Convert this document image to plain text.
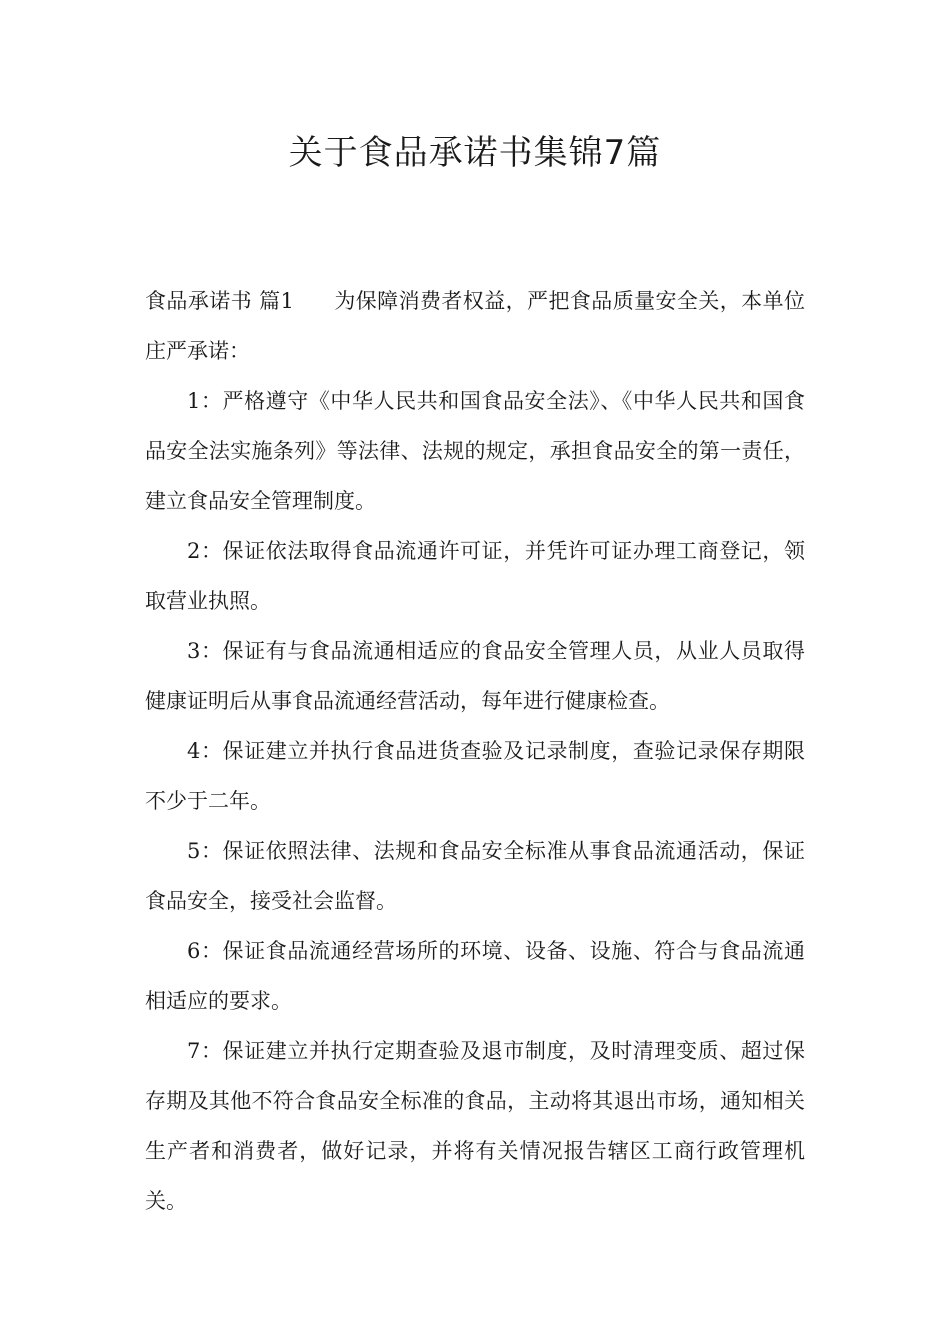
关于食品承诺书集锦7篇

食品承诺书 篇1 为保障消费者权益，严把食品质量安全关，本单位庄严承诺：

1：严格遵守《中华人民共和国食品安全法》、《中华人民共和国食品安全法实施条列》等法律、法规的规定，承担食品安全的第一责任，建立食品安全管理制度。

2：保证依法取得食品流通许可证，并凭许可证办理工商登记，领取营业执照。

3：保证有与食品流通相适应的食品安全管理人员，从业人员取得健康证明后从事食品流通经营活动，每年进行健康检查。

4：保证建立并执行食品进货查验及记录制度，查验记录保存期限不少于二年。

5：保证依照法律、法规和食品安全标准从事食品流通活动，保证食品安全，接受社会监督。

6：保证食品流通经营场所的环境、设备、设施、符合与食品流通相适应的要求。

7：保证建立并执行定期查验及退市制度，及时清理变质、超过保存期及其他不符合食品安全标准的食品，主动将其退出市场，通知相关生产者和消费者，做好记录，并将有关情况报告辖区工商行政管理机关。
